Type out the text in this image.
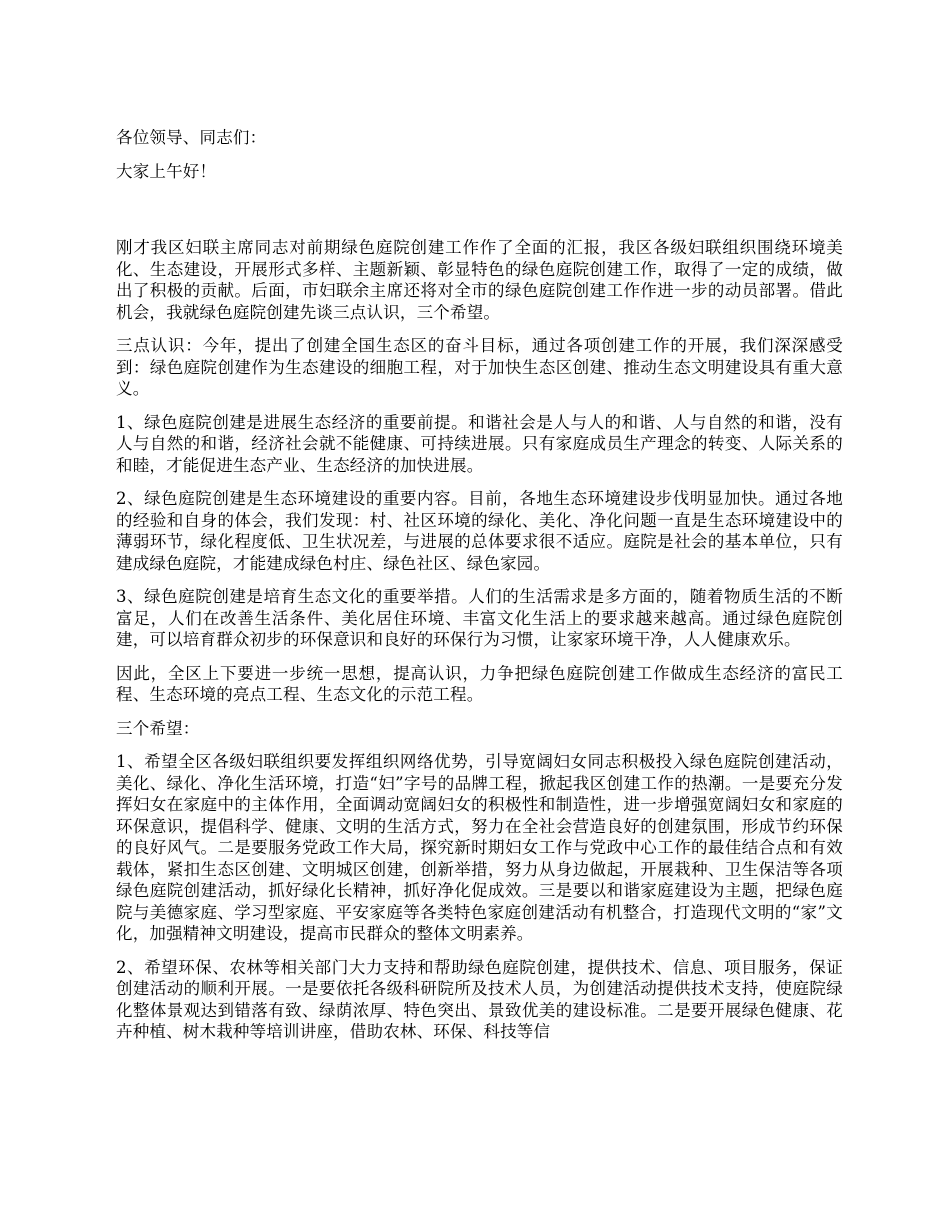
各位领导、同志们：

大家上午好！

刚才我区妇联主席同志对前期绿色庭院创建工作作了全面的汇报，我区各级妇联组织围绕环境美化、生态建设，开展形式多样、主题新颖、彰显特色的绿色庭院创建工作，取得了一定的成绩，做出了积极的贡献。后面，市妇联余主席还将对全市的绿色庭院创建工作作进一步的动员部署。借此机会，我就绿色庭院创建先谈三点认识，三个希望。

三点认识：今年，提出了创建全国生态区的奋斗目标，通过各项创建工作的开展，我们深深感受到：绿色庭院创建作为生态建设的细胞工程，对于加快生态区创建、推动生态文明建设具有重大意义。

1、绿色庭院创建是进展生态经济的重要前提。和谐社会是人与人的和谐、人与自然的和谐，没有人与自然的和谐，经济社会就不能健康、可持续进展。只有家庭成员生产理念的转变、人际关系的和睦，才能促进生态产业、生态经济的加快进展。

2、绿色庭院创建是生态环境建设的重要内容。目前，各地生态环境建设步伐明显加快。通过各地的经验和自身的体会，我们发现：村、社区环境的绿化、美化、净化问题一直是生态环境建设中的薄弱环节，绿化程度低、卫生状况差，与进展的总体要求很不适应。庭院是社会的基本单位，只有建成绿色庭院，才能建成绿色村庄、绿色社区、绿色家园。

3、绿色庭院创建是培育生态文化的重要举措。人们的生活需求是多方面的，随着物质生活的不断富足，人们在改善生活条件、美化居住环境、丰富文化生活上的要求越来越高。通过绿色庭院创建，可以培育群众初步的环保意识和良好的环保行为习惯，让家家环境干净，人人健康欢乐。

因此，全区上下要进一步统一思想，提高认识，力争把绿色庭院创建工作做成生态经济的富民工程、生态环境的亮点工程、生态文化的示范工程。

三个希望：

1、希望全区各级妇联组织要发挥组织网络优势，引导宽阔妇女同志积极投入绿色庭院创建活动，美化、绿化、净化生活环境，打造“妇”字号的品牌工程，掀起我区创建工作的热潮。一是要充分发挥妇女在家庭中的主体作用，全面调动宽阔妇女的积极性和制造性，进一步增强宽阔妇女和家庭的环保意识，提倡科学、健康、文明的生活方式，努力在全社会营造良好的创建氛围，形成节约环保的良好风气。二是要服务党政工作大局，探究新时期妇女工作与党政中心工作的最佳结合点和有效载体，紧扣生态区创建、文明城区创建，创新举措，努力从身边做起，开展栽种、卫生保洁等各项绿色庭院创建活动，抓好绿化长精神，抓好净化促成效。三是要以和谐家庭建设为主题，把绿色庭院与美德家庭、学习型家庭、平安家庭等各类特色家庭创建活动有机整合，打造现代文明的“家”文化，加强精神文明建设，提高市民群众的整体文明素养。

2、希望环保、农林等相关部门大力支持和帮助绿色庭院创建，提供技术、信息、项目服务，保证创建活动的顺利开展。一是要依托各级科研院所及技术人员，为创建活动提供技术支持，使庭院绿化整体景观达到错落有致、绿荫浓厚、特色突出、景致优美的建设标准。二是要开展绿色健康、花卉种植、树木栽种等培训讲座，借助农林、环保、科技等信
